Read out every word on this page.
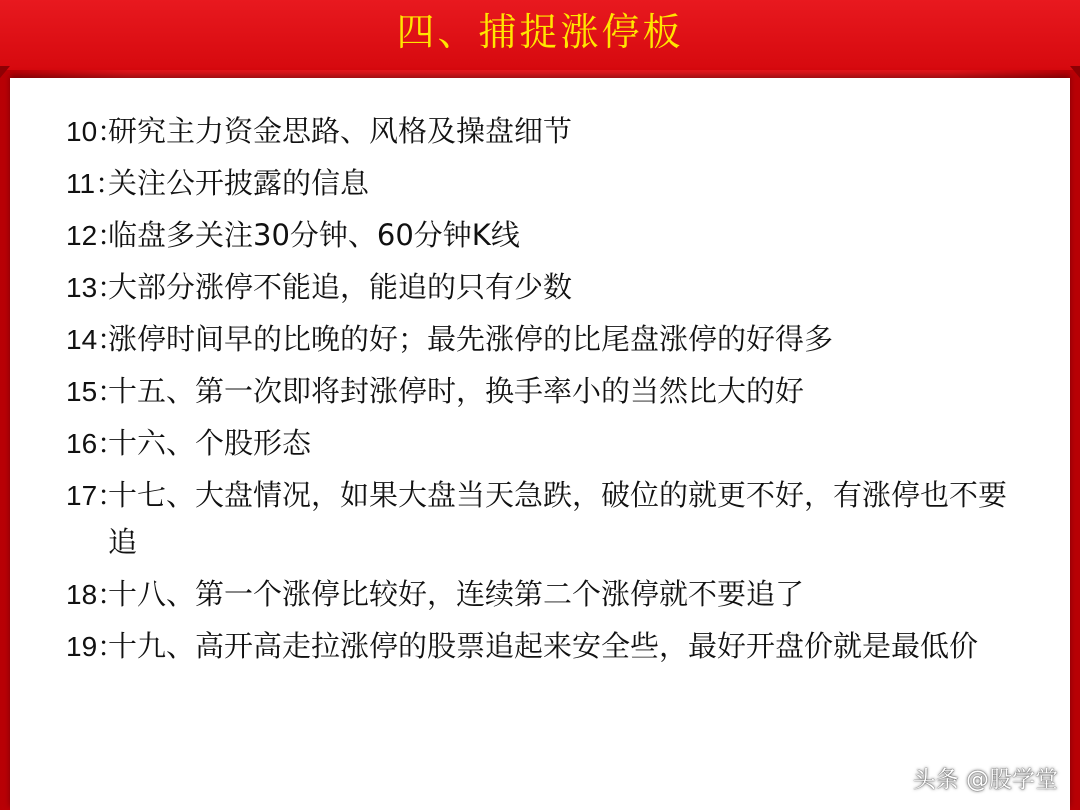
四、捕捉涨停板
10：
研究主力资金思路、风格及操盘细节
11：
关注公开披露的信息
12：
临盘多关注30分钟、60分钟K线
13：
大部分涨停不能追，能追的只有少数
14：
涨停时间早的比晚的好；最先涨停的比尾盘涨停的好得多
15：
十五、第一次即将封涨停时，换手率小的当然比大的好
16：
十六、个股形态
17：
十七、大盘情况，如果大盘当天急跌，破位的就更不好，有涨停也不要追
18：
十八、第一个涨停比较好，连续第二个涨停就不要追了
19：
十九、高开高走拉涨停的股票追起来安全些，最好开盘价就是最低价
头条 @股学堂
